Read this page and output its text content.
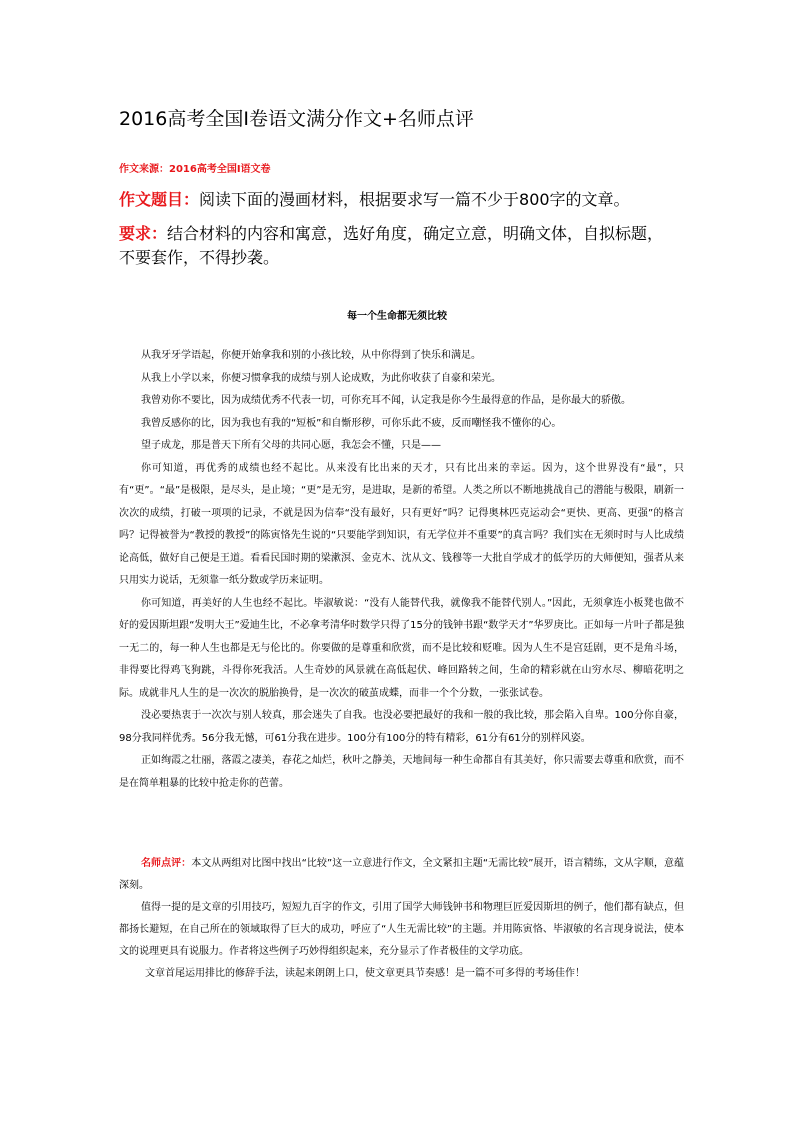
2016高考全国Ⅰ卷语文满分作文+名师点评
作文来源：2016高考全国Ⅰ语文卷
作文题目：阅读下面的漫画材料，根据要求写一篇不少于800字的文章。
要求：结合材料的内容和寓意，选好角度，确定立意，明确文体，自拟标题，不要套作，不得抄袭。
每一个生命都无须比较

从我牙牙学语起，你便开始拿我和别的小孩比较，从中你得到了快乐和满足。

从我上小学以来，你便习惯拿我的成绩与别人论成败，为此你收获了自豪和荣光。

我曾劝你不要比，因为成绩优秀不代表一切，可你充耳不闻，认定我是你今生最得意的作品，是你最大的骄傲。

我曾反感你的比，因为我也有我的“短板”和自惭形秽，可你乐此不疲，反而嘲怪我不懂你的心。

望子成龙，那是普天下所有父母的共同心愿，我怎会不懂，只是——

你可知道，再优秀的成绩也经不起比。从来没有比出来的天才，只有比出来的幸运。因为，这个世界没有“最”，只有“更”。“最”是极限，是尽头，是止境；“更”是无穷，是进取，是新的希望。人类之所以不断地挑战自己的潜能与极限，刷新一次次的成绩，打破一项项的记录，不就是因为信奉“没有最好，只有更好”吗？记得奥林匹克运动会“更快、更高、更强”的格言吗？记得被誉为“教授的教授”的陈寅恪先生说的“只要能学到知识，有无学位并不重要”的真言吗？我们实在无须时时与人比成绩论高低，做好自己便是王道。看看民国时期的梁漱溟、金克木、沈从文、钱穆等一大批自学成才的低学历的大师便知，强者从来只用实力说话，无须靠一纸分数或学历来证明。

你可知道，再美好的人生也经不起比。毕淑敏说：“没有人能替代我，就像我不能替代别人。”因此，无须拿连小板凳也做不好的爱因斯坦跟“发明大王”爱迪生比，不必拿考清华时数学只得了15分的钱钟书跟“数学天才”华罗庚比。正如每一片叶子都是独一无二的，每一种人生也都是无与伦比的。你要做的是尊重和欣赏，而不是比较和贬唯。因为人生不是宫廷剧，更不是角斗场，非得要比得鸡飞狗跳，斗得你死我活。人生奇妙的风景就在高低起伏、峰回路转之间，生命的精彩就在山穷水尽、柳暗花明之际。成就非凡人生的是一次次的脱胎换骨，是一次次的破茧成蝶，而非一个个分数，一张张试卷。

没必要热衷于一次次与别人较真，那会迷失了自我。也没必要把最好的我和一般的我比较，那会陷入自卑。100分你自豪，98分我同样优秀。56分我无憾，可61分我在进步。100分有100分的特有精彩，61分有61分的别样风姿。

正如绚霞之壮丽，落霞之凄美，春花之灿烂，秋叶之静美，天地间每一种生命都自有其美好，你只需要去尊重和欣赏，而不是在简单粗暴的比较中抢走你的芭蕾。

名师点评：本文从两组对比图中找出“比较”这一立意进行作文，全文紧扣主题“无需比较”展开，语言精练，文从字顺，意蕴深刻。

值得一提的是文章的引用技巧，短短九百字的作文，引用了国学大师钱钟书和物理巨匠爱因斯坦的例子，他们都有缺点，但都扬长避短，在自己所在的领域取得了巨大的成功，呼应了“人生无需比较”的主题。并用陈寅恪、毕淑敏的名言现身说法，使本文的说理更具有说服力。作者将这些例子巧妙得组织起来，充分显示了作者极佳的文学功底。

文章首尾运用排比的修辞手法，读起来朗朗上口，使文章更具节奏感！是一篇不可多得的考场佳作！
